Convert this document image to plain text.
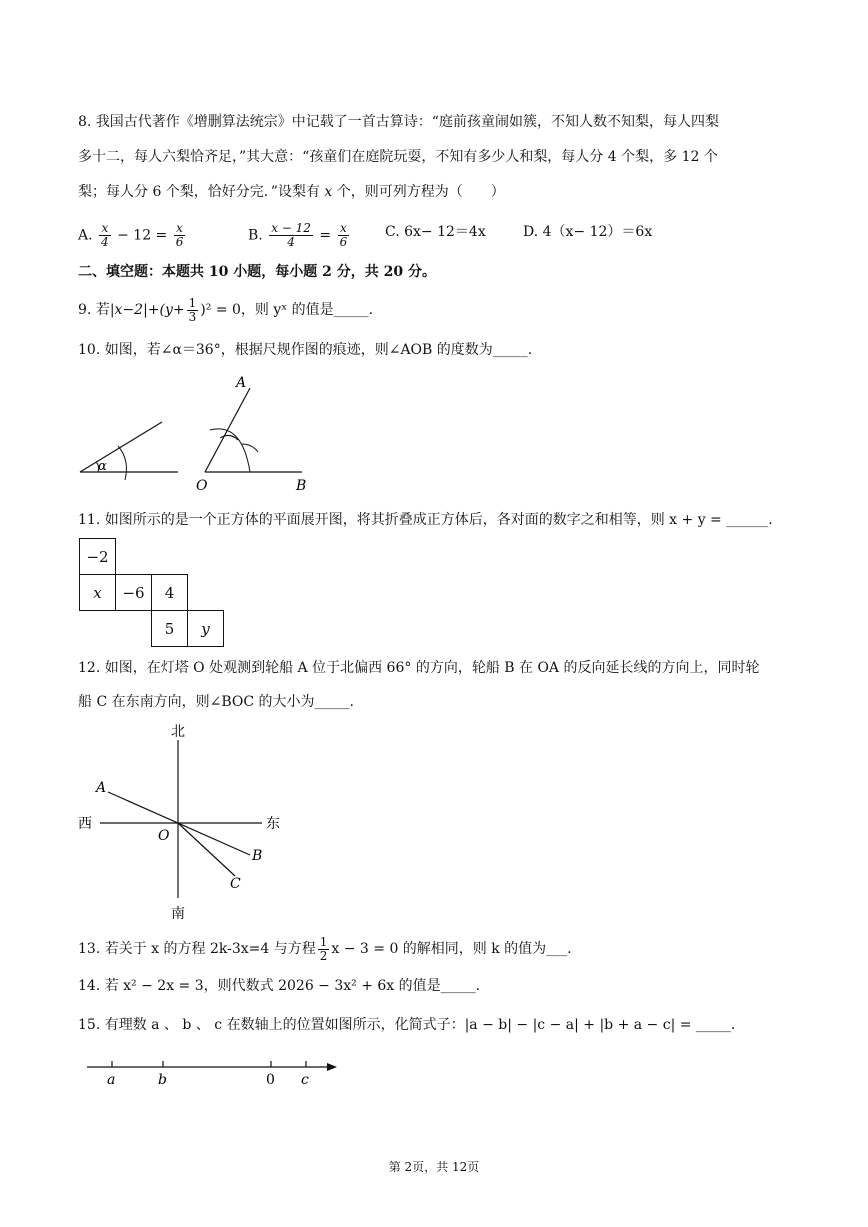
8. 我国古代著作《增删算法统宗》中记载了一首古算诗：“庭前孩童闹如簇，不知人数不知梨，每人四梨
多十二，每人六梨恰齐足，”其大意：“孩童们在庭院玩耍，不知有多少人和梨，每人分 4 个梨，多 12 个
梨；每人分 6 个梨，恰好分完．”设梨有 x 个，则可列方程为（　　）
A. $\frac{x}{4} - 12 = \frac{x}{6}$	B. $\frac{x - 12}{4} = \frac{x}{6}$	C. 6x− 12＝4x	D. 4（x− 12）＝6x
二、填空题：本题共 10 小题，每小题 2 分，共 20 分。
9. 若 $|x-2|+(y+ \frac{1}{3} )^2 = 0$ ，则 yˣ 的值是_____.
10. 如图，若∠α＝36°，根据尺规作图的痕迹，则∠AOB 的度数为_____.
α
A
O	B
11. 如图所示的是一个正方体的平面展开图，将其折叠成正方体后，各对面的数字之和相等，则 x + y = ______.
−2
x	−6	4
5	y
12. 如图，在灯塔 O 处观测到轮船 A 位于北偏西 66° 的方向，轮船 B 在 OA 的反向延长线的方向上，同时轮
船 C 在东南方向，则∠BOC 的大小为_____.
北
南
西	东
A
O
B
C
13. 若关于 x 的方程 2k-3x=4 与方程 $\frac{1}{2}$ x − 3 = 0 的解相同，则 k 的值为___.
14. 若 x² − 2x = 3，则代数式 2026 − 3x² + 6x 的值是_____.
15. 有理数 a 、 b 、 c 在数轴上的位置如图所示，化简式子：|a − b| − |c − a| + |b + a − c| = _____.
a	b	0 c
第 2页，共 12页
